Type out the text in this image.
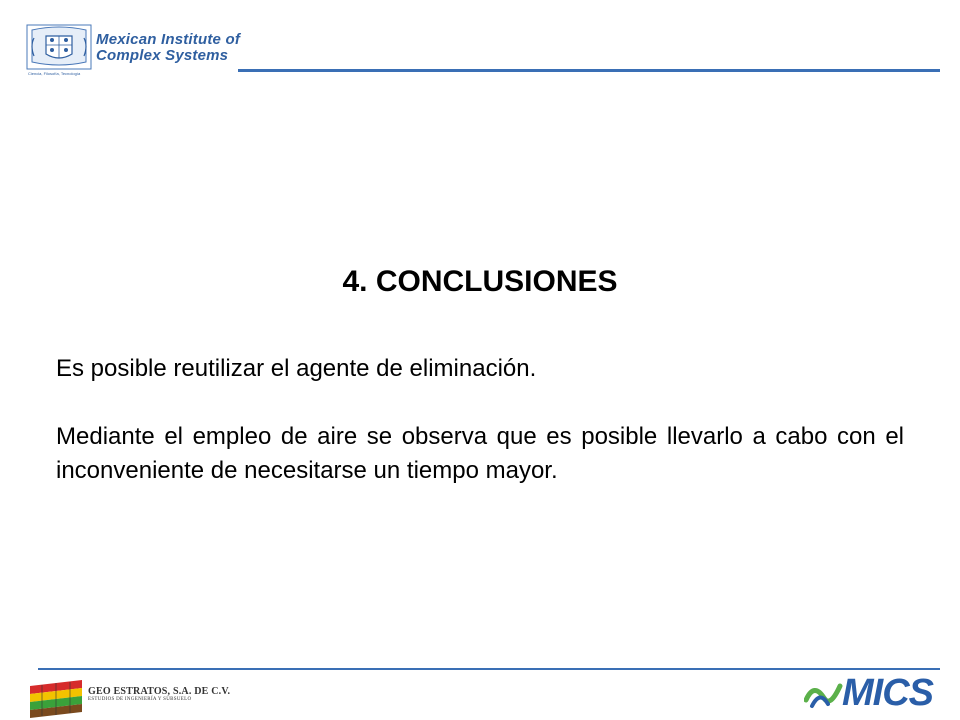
Mexican Institute of
Complex Systems
Ciencia, Filosofía, Tecnología
4. CONCLUSIONES

Es posible reutilizar el agente de eliminación.

Mediante el empleo de aire se observa que es posible llevarlo a cabo con el inconveniente de necesitarse un tiempo mayor.

GEO ESTRATOS, S.A. DE C.V.
ESTUDIOS DE INGENIERÍA Y SUBSUELO	MICS
